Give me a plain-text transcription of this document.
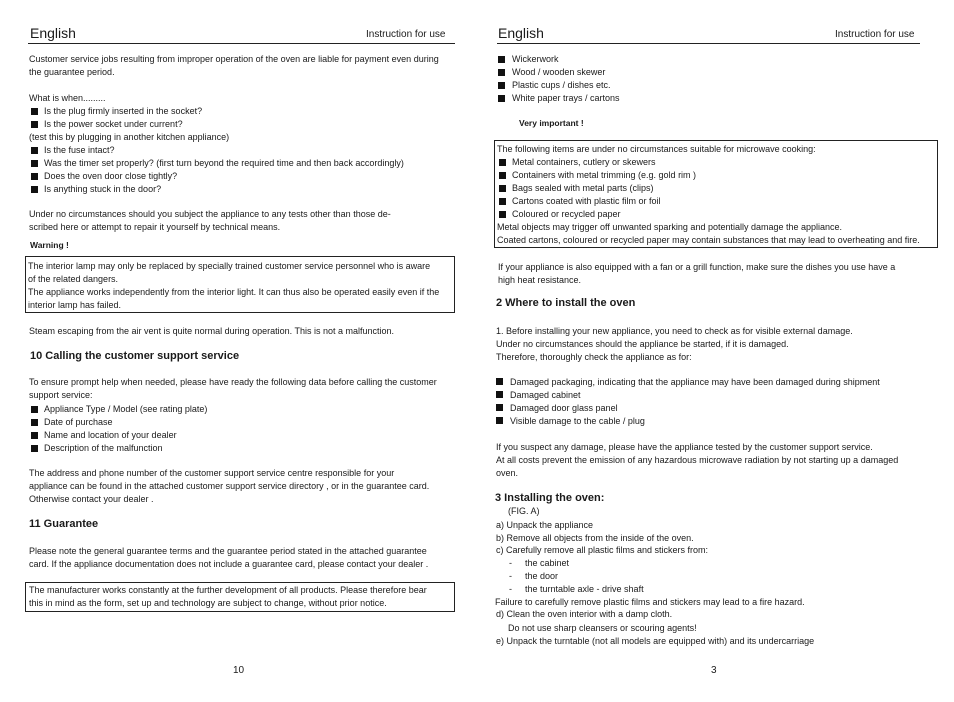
English	Instruction for use
Customer service jobs resulting from improper operation of the oven are liable for payment even during
the guarantee period.
What is when.........
Is the plug firmly inserted in the socket?
Is the power socket under current?
(test this by plugging in another kitchen appliance)
Is the fuse intact?
Was the timer set properly? (first turn beyond the required time and then back accordingly)
Does the oven door close tightly?
Is anything stuck in the door?
Under no circumstances should you subject the appliance to any tests other than those de-
scribed here or attempt to repair it yourself by technical means.
Warning !
The interior lamp may only be replaced by specially trained customer service personnel who is aware
of the related dangers.
The appliance works independently from the interior light. It can thus also be operated easily even if the
interior lamp has failed.
Steam escaping from the air vent is quite normal during operation. This is not a malfunction.
10 Calling the customer support service
To ensure prompt help when needed, please have ready the following data before calling the customer
support service:
Appliance Type / Model (see rating plate)
Date of purchase
Name and location of your dealer
Description of the malfunction
The address and phone number of the customer support service centre responsible for your
appliance can be found in the attached customer support service directory , or in the guarantee card.
Otherwise contact your dealer .
11 Guarantee
Please note the general guarantee terms and the guarantee period stated in the attached guarantee
card. If the appliance documentation does not include a guarantee card, please contact your dealer .
The manufacturer works constantly at the further development of all products. Please therefore bear
this in mind as the form, set up and technology are subject to change, without prior notice.
10
English	Instruction for use
Wickerwork
Wood / wooden skewer
Plastic cups / dishes etc.
White paper trays / cartons
Very important !
The following items are under no circumstances suitable for microwave cooking:
Metal containers, cutlery or skewers
Containers with metal trimming (e.g. gold rim )
Bags sealed with metal parts (clips)
Cartons coated with plastic film or foil
Coloured or recycled paper
Metal objects may trigger off unwanted sparking and potentially damage the appliance.
Coated cartons, coloured or recycled paper may contain substances that may lead to overheating and fire.
If your appliance is also equipped with a fan or a grill function, make sure the dishes you use have a
high heat resistance.
2 Where to install the oven
1. Before installing your new appliance, you need to check as for visible external damage.
Under no circumstances should the appliance be started, if it is damaged.
Therefore, thoroughly check the appliance as for:
Damaged packaging, indicating that the appliance may have been damaged during shipment
Damaged cabinet
Damaged door glass panel
Visible damage to the cable / plug
If you suspect any damage, please have the appliance tested by the customer support service.
At all costs prevent the emission of any hazardous microwave radiation by not starting up a damaged
oven.
3 Installing the oven:
(FIG. A)
a) Unpack the appliance
b) Remove all objects from the inside of the oven.
c) Carefully remove all plastic films and stickers from:
- the cabinet
- the door
- the turntable axle - drive shaft
Failure to carefully remove plastic films and stickers may lead to a fire hazard.
d) Clean the oven interior with a damp cloth.
Do not use sharp cleansers or scouring agents!
e) Unpack the turntable (not all models are equipped with) and its undercarriage
3
